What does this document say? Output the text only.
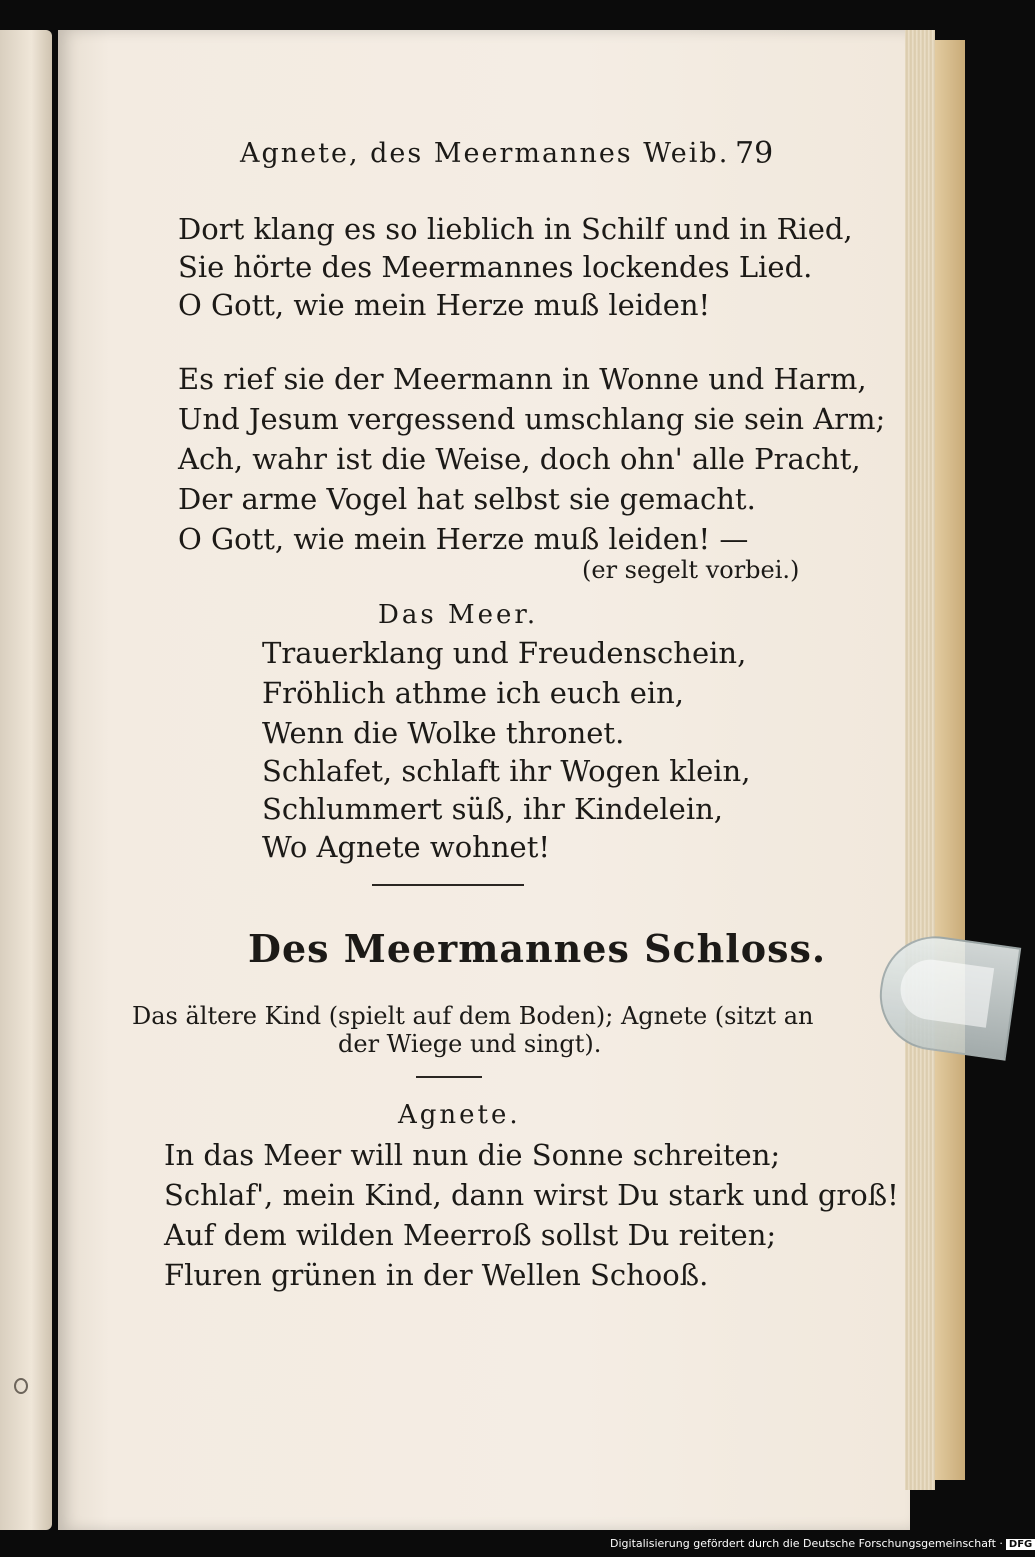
Agnete, des Meermannes Weib. 79
Dort klang es so lieblich in Schilf und in Ried,
Sie hörte des Meermannes lockendes Lied.
O Gott, wie mein Herze muß leiden!
Es rief sie der Meermann in Wonne und Harm,
Und Jesum vergessend umschlang sie sein Arm;
Ach, wahr ist die Weise, doch ohn' alle Pracht,
Der arme Vogel hat selbst sie gemacht.
O Gott, wie mein Herze muß leiden! —
(er segelt vorbei.)
Das Meer.
Trauerklang und Freudenschein,
Fröhlich athme ich euch ein,
Wenn die Wolke thronet.
Schlafet, schlaft ihr Wogen klein,
Schlummert süß, ihr Kindelein,
Wo Agnete wohnet!
Des Meermannes Schloss.
Das ältere Kind (spielt auf dem Boden); Agnete (sitzt an
der Wiege und singt).
Agnete.
In das Meer will nun die Sonne schreiten;
Schlaf', mein Kind, dann wirst Du stark und groß!
Auf dem wilden Meerroß sollst Du reiten;
Fluren grünen in der Wellen Schooß.
Digitalisierung gefördert durch die Deutsche Forschungsgemeinschaft · DFG
